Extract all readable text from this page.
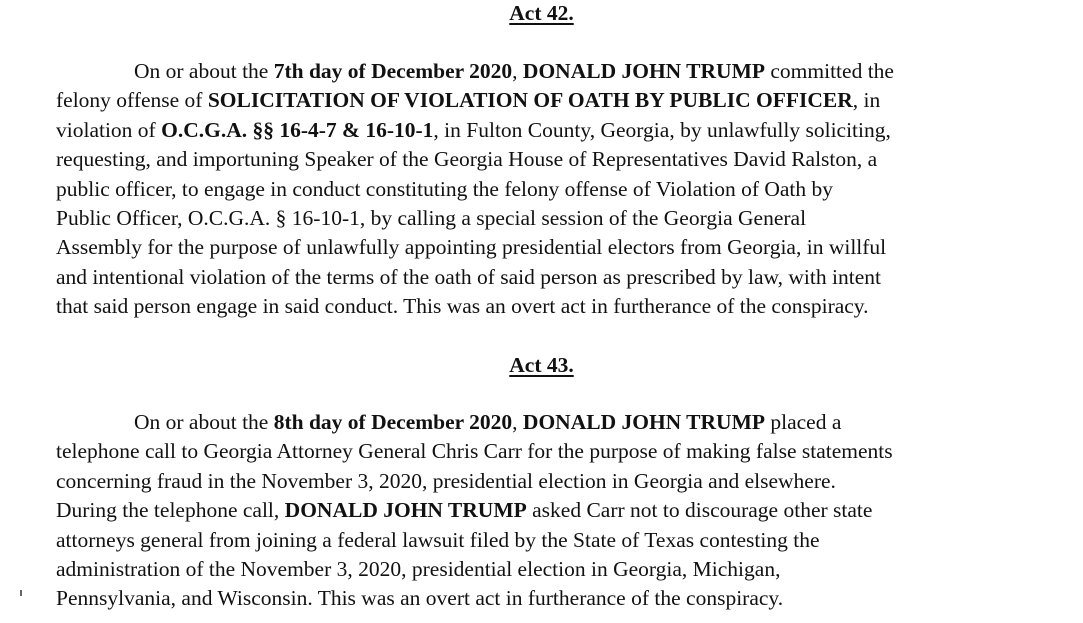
Act 42.

On or about the 7th day of December 2020, DONALD JOHN TRUMP committed the
felony offense of SOLICITATION OF VIOLATION OF OATH BY PUBLIC OFFICER, in
violation of O.C.G.A. §§ 16-4-7 & 16-10-1, in Fulton County, Georgia, by unlawfully soliciting,
requesting, and importuning Speaker of the Georgia House of Representatives David Ralston, a
public officer, to engage in conduct constituting the felony offense of Violation of Oath by
Public Officer, O.C.G.A. § 16-10-1, by calling a special session of the Georgia General
Assembly for the purpose of unlawfully appointing presidential electors from Georgia, in willful
and intentional violation of the terms of the oath of said person as prescribed by law, with intent
that said person engage in said conduct. This was an overt act in furtherance of the conspiracy.

Act 43.

On or about the 8th day of December 2020, DONALD JOHN TRUMP placed a
telephone call to Georgia Attorney General Chris Carr for the purpose of making false statements
concerning fraud in the November 3, 2020, presidential election in Georgia and elsewhere.
During the telephone call, DONALD JOHN TRUMP asked Carr not to discourage other state
attorneys general from joining a federal lawsuit filed by the State of Texas contesting the
administration of the November 3, 2020, presidential election in Georgia, Michigan,
Pennsylvania, and Wisconsin. This was an overt act in furtherance of the conspiracy.
